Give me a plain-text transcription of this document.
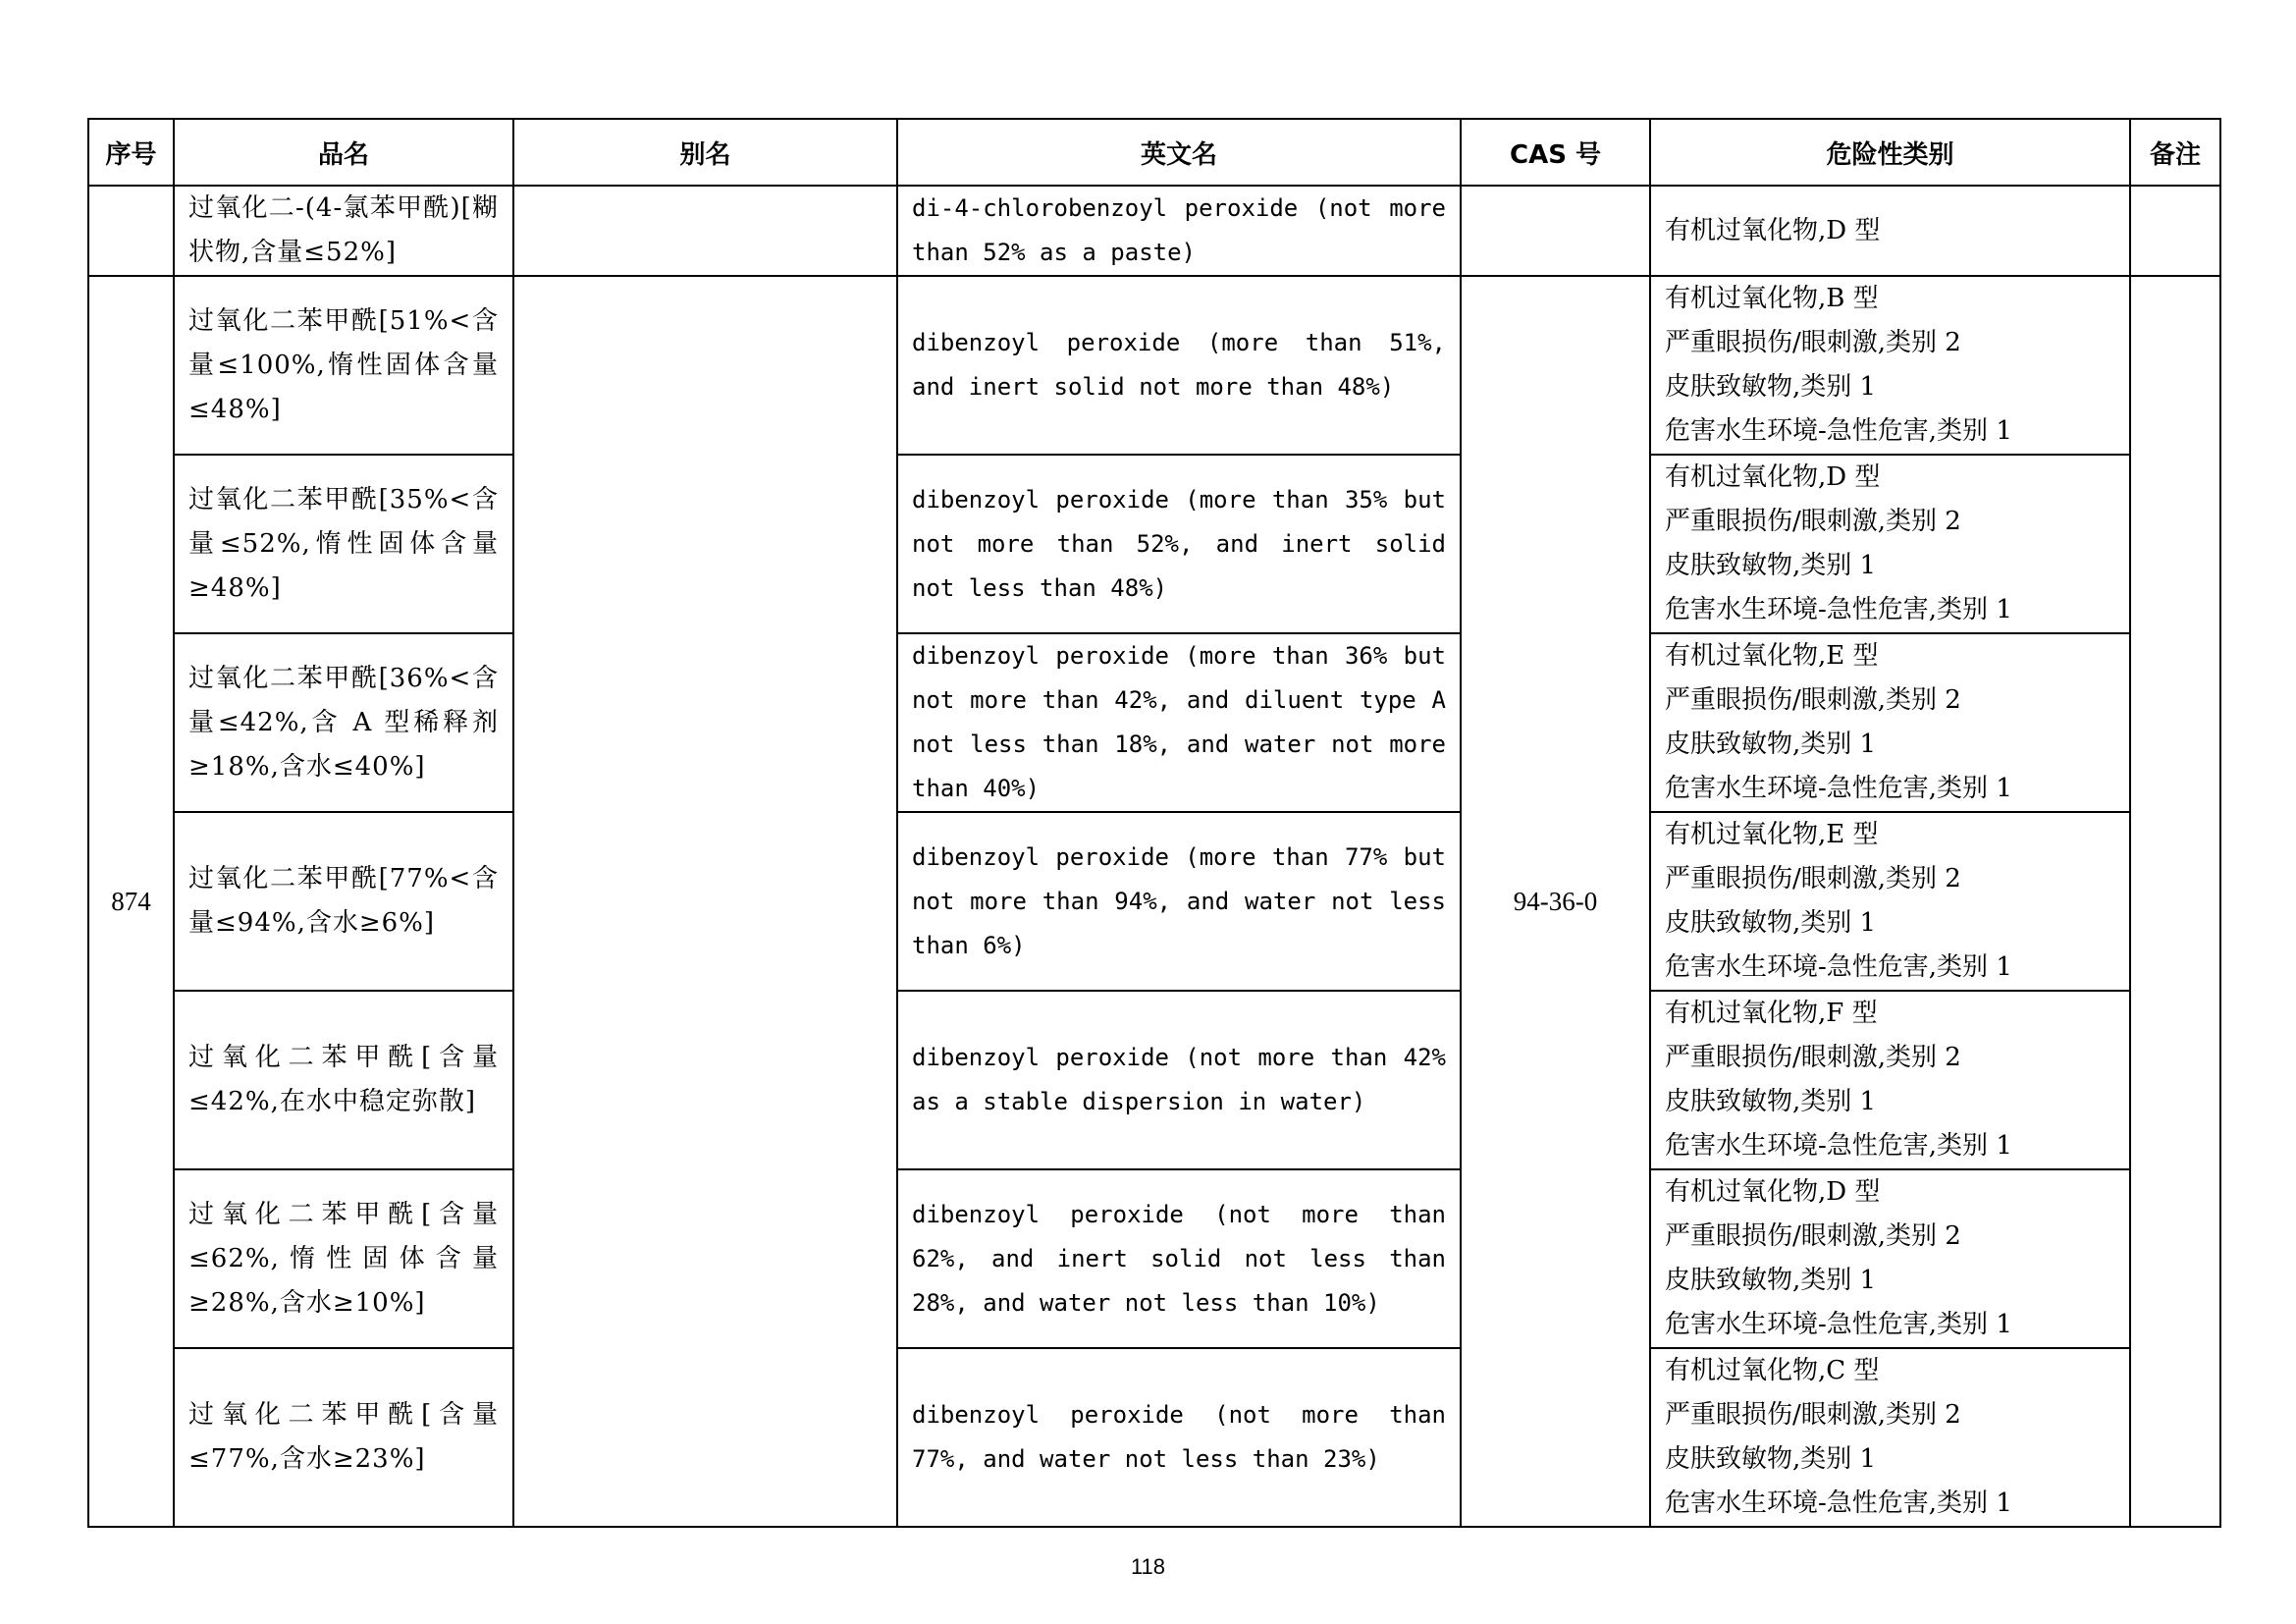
序号	品名	别名	英文名	CAS 号	危险性类别	备注
	过氧化二-(4-氯苯甲酰)[糊状物,含量≤52%]		di-4-chlorobenzoyl peroxide (not more than 52% as a paste)		有机过氧化物,D 型	

874	过氧化二苯甲酰[51%<含量≤100%,惰性固体含量≤48%]		dibenzoyl peroxide (more than 51%, and inert solid not more than 48%)	94-36-0	有机过氧化物,B 型
严重眼损伤/眼刺激,类别 2
皮肤致敏物,类别 1
危害水生环境-急性危害,类别 1	

	过氧化二苯甲酰[35%<含量≤52%,惰性固体含量≥48%]		dibenzoyl peroxide (more than 35% but not more than 52%, and inert solid not less than 48%)		有机过氧化物,D 型
严重眼损伤/眼刺激,类别 2
皮肤致敏物,类别 1
危害水生环境-急性危害,类别 1	

	过氧化二苯甲酰[36%<含量≤42%,含 A 型稀释剂≥18%,含水≤40%]		dibenzoyl peroxide (more than 36% but not more than 42%, and diluent type A not less than 18%, and water not more than 40%)		有机过氧化物,E 型
严重眼损伤/眼刺激,类别 2
皮肤致敏物,类别 1
危害水生环境-急性危害,类别 1	

	过氧化二苯甲酰[77%<含量≤94%,含水≥6%]		dibenzoyl peroxide (more than 77% but not more than 94%, and water not less than 6%)		有机过氧化物,E 型
严重眼损伤/眼刺激,类别 2
皮肤致敏物,类别 1
危害水生环境-急性危害,类别 1	

	过氧化二苯甲酰[含量≤42%,在水中稳定弥散]		dibenzoyl peroxide (not more than 42% as a stable dispersion in water)		有机过氧化物,F 型
严重眼损伤/眼刺激,类别 2
皮肤致敏物,类别 1
危害水生环境-急性危害,类别 1	

	过氧化二苯甲酰[含量≤62%,惰性固体含量≥28%,含水≥10%]		dibenzoyl peroxide (not more than 62%, and inert solid not less than 28%, and water not less than 10%)		有机过氧化物,D 型
严重眼损伤/眼刺激,类别 2
皮肤致敏物,类别 1
危害水生环境-急性危害,类别 1	

	过氧化二苯甲酰[含量≤77%,含水≥23%]		dibenzoyl peroxide (not more than 77%, and water not less than 23%)		有机过氧化物,C 型
严重眼损伤/眼刺激,类别 2
皮肤致敏物,类别 1
危害水生环境-急性危害,类别 1	
118
